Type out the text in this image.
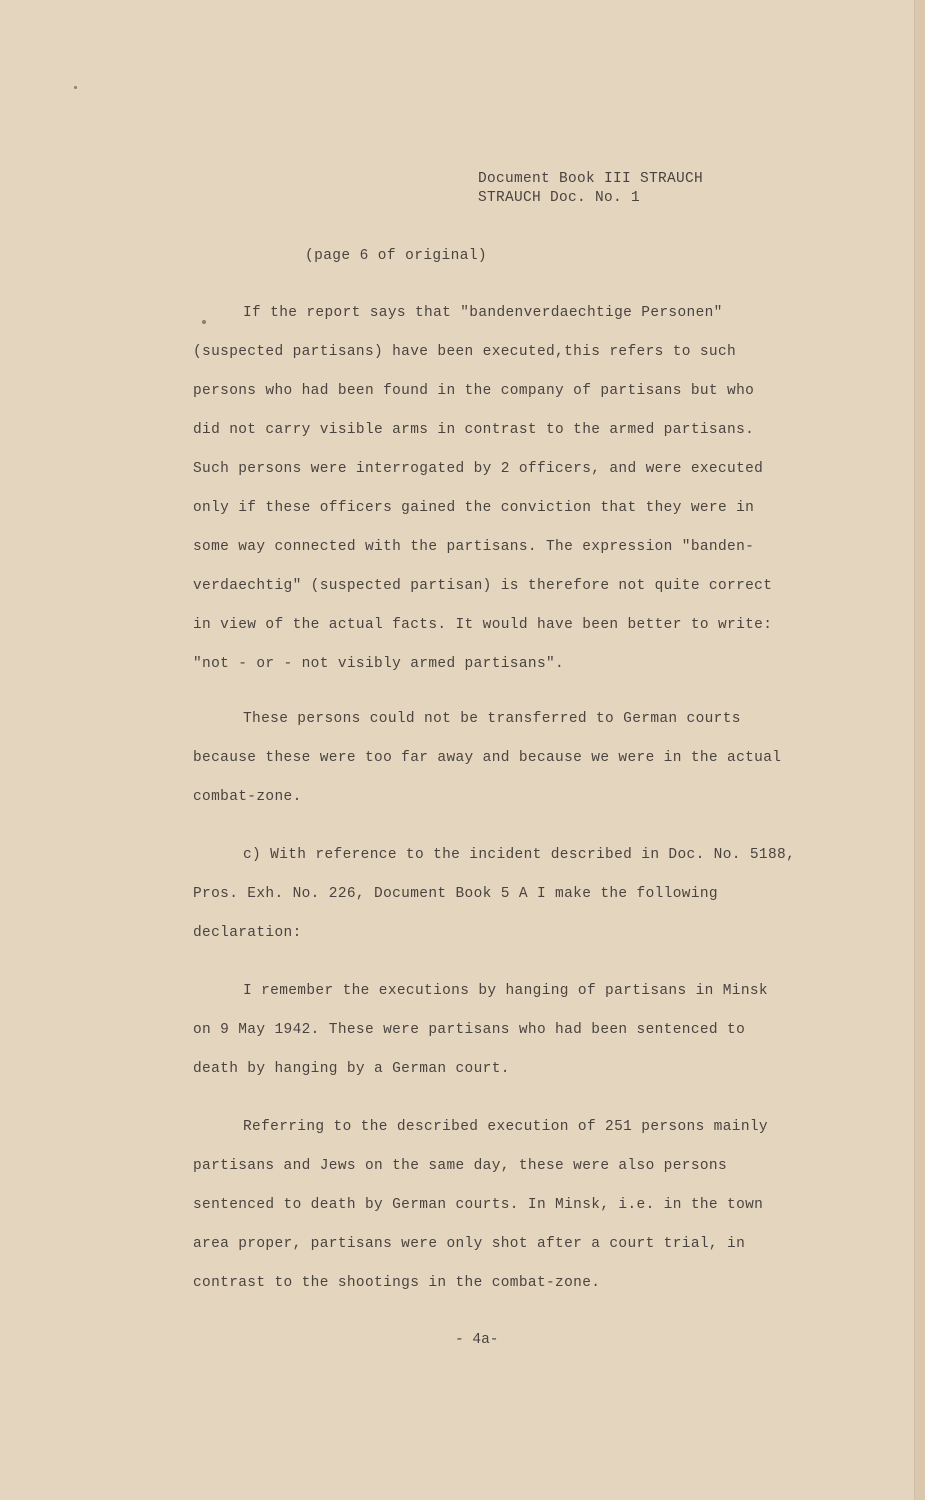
Document Book III STRAUCH
STRAUCH Doc. No. 1
(page 6 of original)
If the report says that "bandenverdaechtige Personen"
(suspected partisans) have been executed,this refers to such
persons who had been found in the company of partisans but who
did not carry visible arms in contrast to the armed partisans.
Such persons were interrogated by 2 officers, and were executed
only if these officers gained the conviction that they were in
some way connected with the partisans. The expression "banden-
verdaechtig" (suspected partisan) is therefore not quite correct
in view of the actual facts. It would have been better to write:
"not - or - not visibly armed partisans".
These persons could not be transferred to German courts
because these were too far away and because we were in the actual
combat-zone.
c) With reference to the incident described in Doc. No. 5188,
Pros. Exh. No. 226, Document Book 5 A I make the following
declaration:
I remember the executions by hanging of partisans in Minsk
on 9 May 1942. These were partisans who had been sentenced to
death by hanging by a German court.
Referring to the described execution of 251 persons mainly
partisans and Jews on the same day, these were also persons
sentenced to death by German courts. In Minsk, i.e. in the town
area proper, partisans were only shot after a court trial, in
contrast to the shootings in the combat-zone.
- 4a-
